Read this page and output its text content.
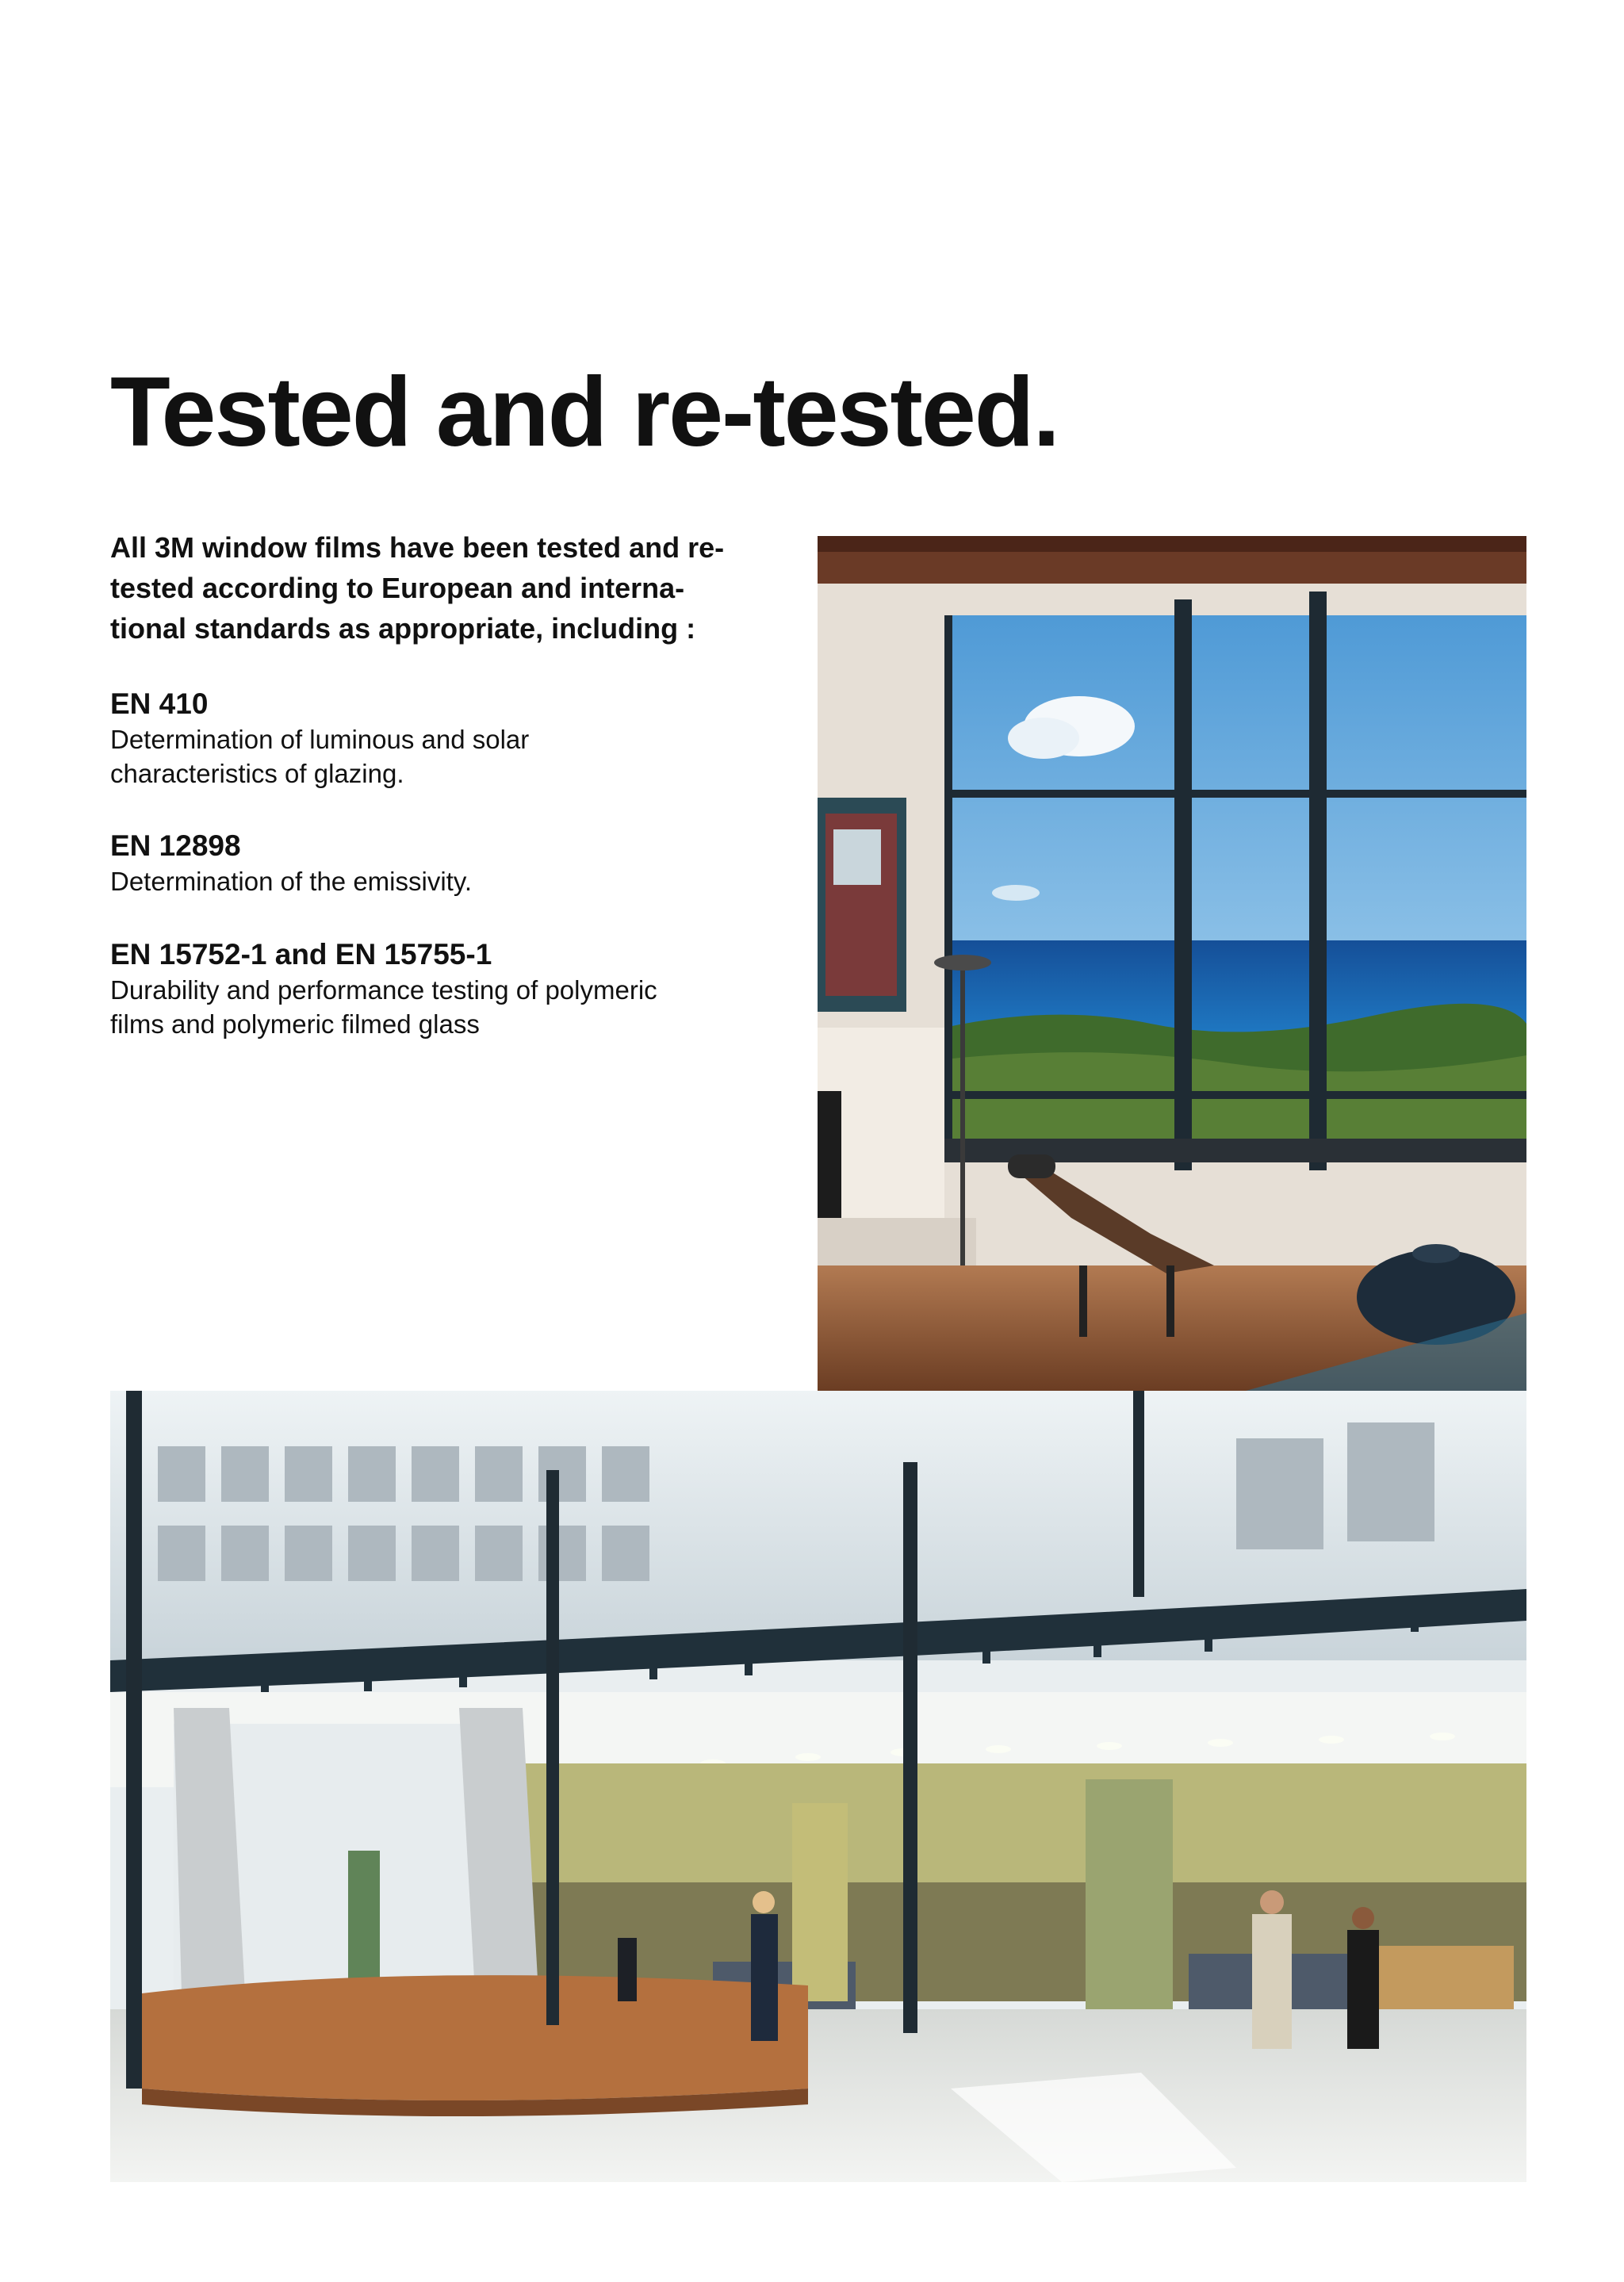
Tested and re-tested.

All 3M window films have been tested and re-tested according to European and interna-tional standards as appropriate, including :

EN 410

Determination of luminous and solar characteristics of glazing.

EN 12898

Determination of the emissivity.

EN 15752-1 and EN 15755-1

Durability and performance testing of polymeric films and polymeric filmed glass
